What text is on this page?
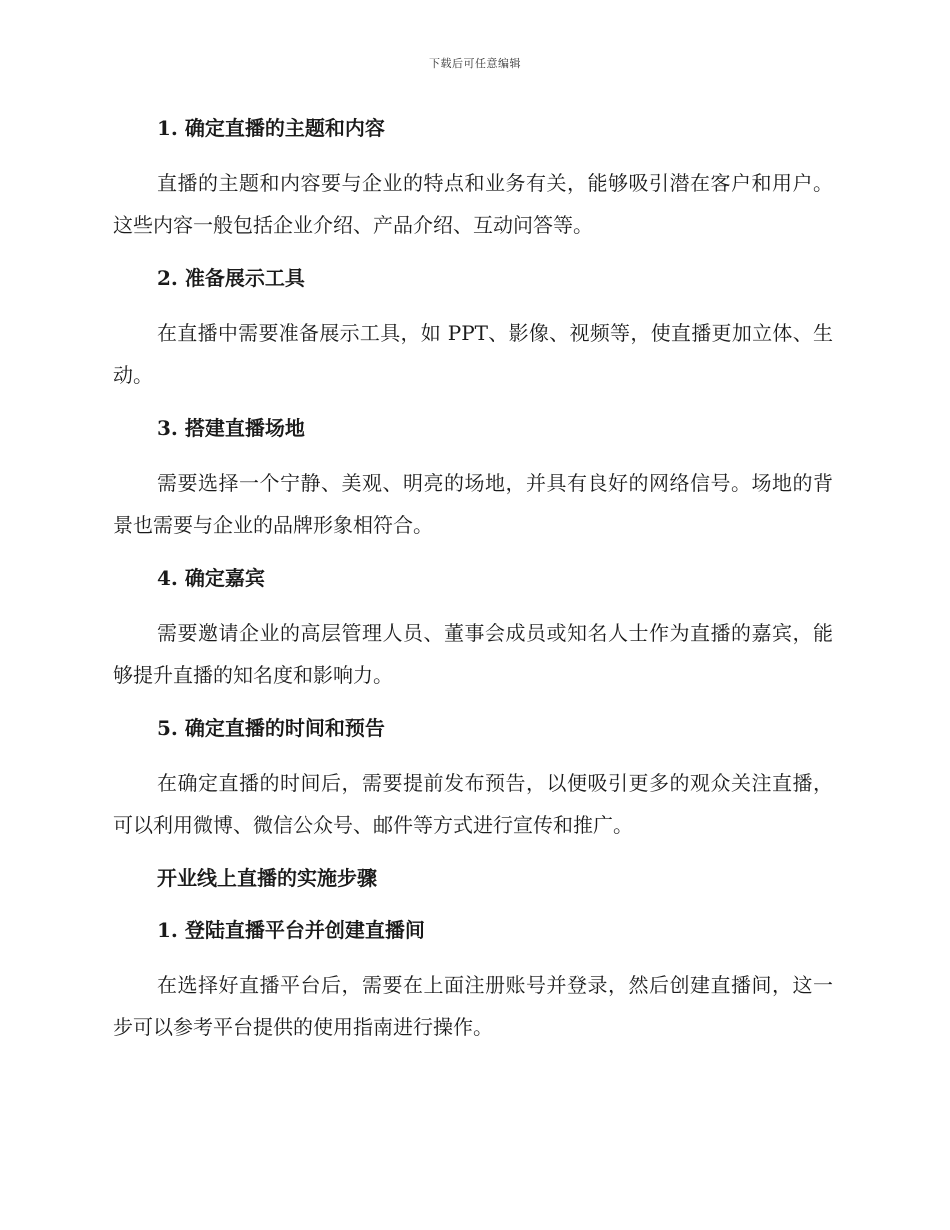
下载后可任意编辑

1. 确定直播的主题和内容

直播的主题和内容要与企业的特点和业务有关，能够吸引潜在客户和用户。这些内容一般包括企业介绍、产品介绍、互动问答等。

2. 准备展示工具

在直播中需要准备展示工具，如 PPT、影像、视频等，使直播更加立体、生动。

3. 搭建直播场地

需要选择一个宁静、美观、明亮的场地，并具有良好的网络信号。场地的背景也需要与企业的品牌形象相符合。

4. 确定嘉宾

需要邀请企业的高层管理人员、董事会成员或知名人士作为直播的嘉宾，能够提升直播的知名度和影响力。

5. 确定直播的时间和预告

在确定直播的时间后，需要提前发布预告，以便吸引更多的观众关注直播，可以利用微博、微信公众号、邮件等方式进行宣传和推广。

开业线上直播的实施步骤

1. 登陆直播平台并创建直播间

在选择好直播平台后，需要在上面注册账号并登录，然后创建直播间，这一步可以参考平台提供的使用指南进行操作。
